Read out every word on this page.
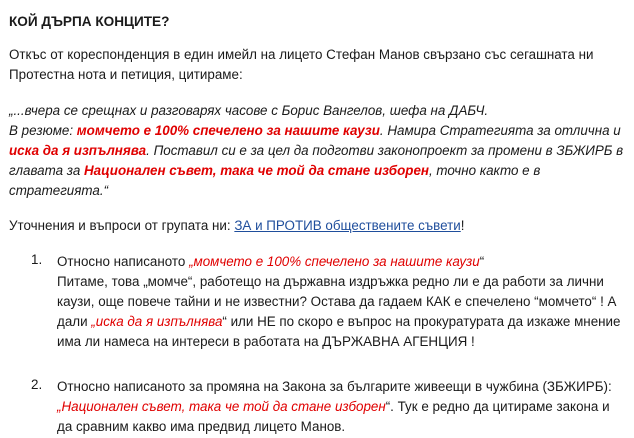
КОЙ ДЪРПА КОНЦИТЕ?

Откъс от кореспонденция в един имейл на лицето Стефан Манов свързано със сегашната ни Протестна нота и петиция, цитираме:

„...вчера се срещнах и разговарях часове с Борис Вангелов, шефа на ДАБЧ.
В резюме: момчето е 100% спечелено за нашите каузи. Намира Стратегията за отлична и иска да я изпълнява. Поставил си е за цел да подготви законопроект за промени в ЗБЖИРБ в главата за Национален съвет, така че той да стане изборен, точно както е в стратегията.“

Уточнения и въпроси от групата ни: ЗА и ПРОТИВ обществените съвети!

1. Относно написаното „момчето е 100% спечелено за нашите каузи“
Питаме, това „момче“, работещо на държавна издръжка редно ли е да работи за лични каузи, още повече тайни и не известни? Остава да гадаем КАК е спечелено “момчето“ ! А дали „иска да я изпълнява“ или НЕ по скоро е въпрос на прокуратурата да изкаже мнение има ли намеса на интереси в работата на ДЪРЖАВНА АГЕНЦИЯ !

2. Относно написаното за промяна на Закона за българите живеещи в чужбина (ЗБЖИРБ):
„Национален съвет, така че той да стане изборен“. Тук е редно да цитираме закона и да сравним какво има предвид лицето Манов.
